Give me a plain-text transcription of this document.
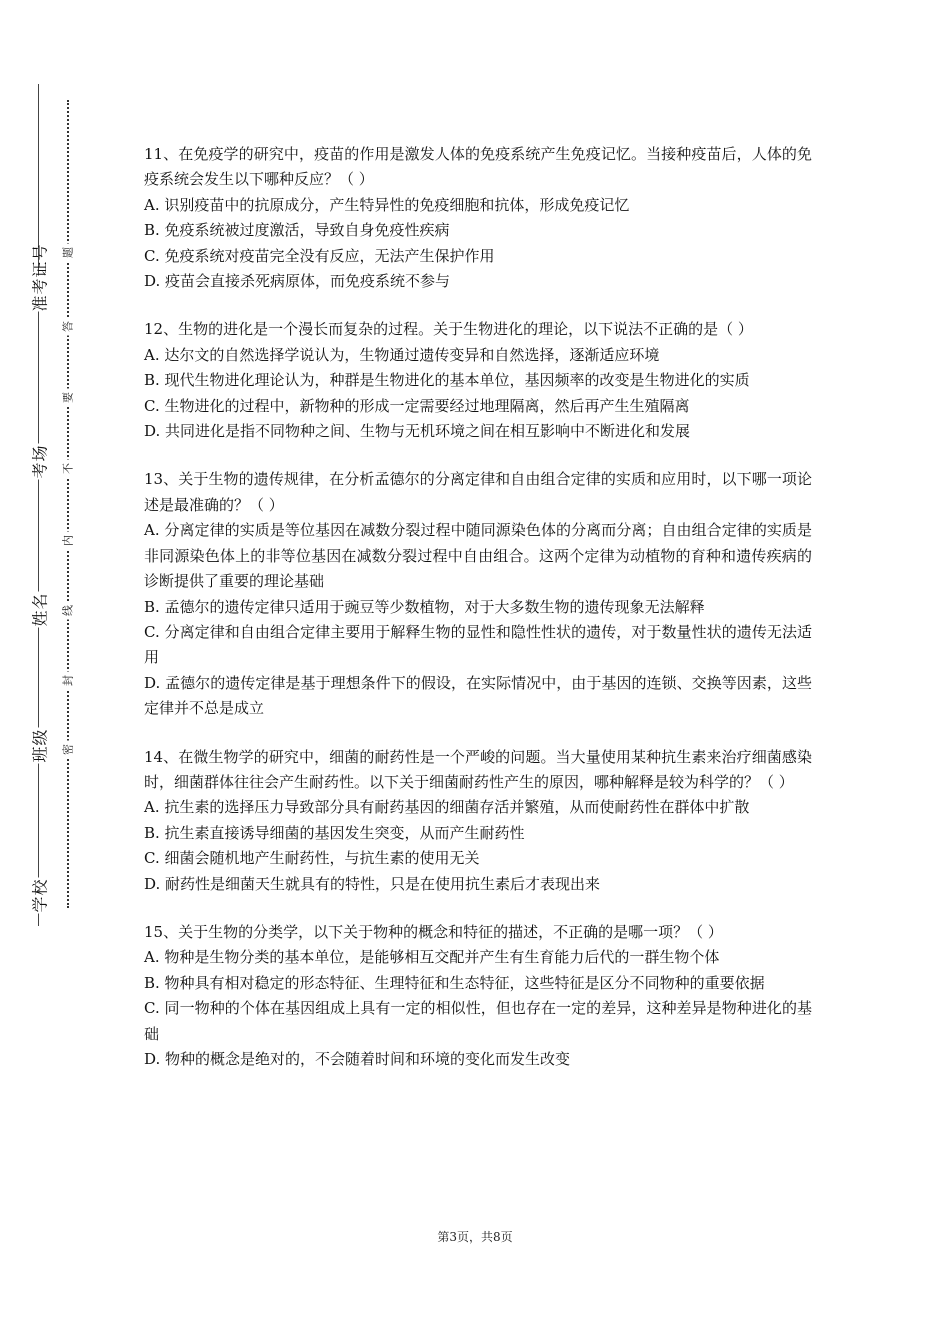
学校
班级
姓名
考场
准考证号
密
封
线
内
不
要
答
题

11、在免疫学的研究中，疫苗的作用是激发人体的免疫系统产生免疫记忆。当接种疫苗后，人体的免疫系统会发生以下哪种反应？（ ）

A. 识别疫苗中的抗原成分，产生特异性的免疫细胞和抗体，形成免疫记忆

B. 免疫系统被过度激活，导致自身免疫性疾病

C. 免疫系统对疫苗完全没有反应，无法产生保护作用

D. 疫苗会直接杀死病原体，而免疫系统不参与

12、生物的进化是一个漫长而复杂的过程。关于生物进化的理论，以下说法不正确的是（ ）

A. 达尔文的自然选择学说认为，生物通过遗传变异和自然选择，逐渐适应环境

B. 现代生物进化理论认为，种群是生物进化的基本单位，基因频率的改变是生物进化的实质

C. 生物进化的过程中，新物种的形成一定需要经过地理隔离，然后再产生生殖隔离

D. 共同进化是指不同物种之间、生物与无机环境之间在相互影响中不断进化和发展

13、关于生物的遗传规律，在分析孟德尔的分离定律和自由组合定律的实质和应用时，以下哪一项论述是最准确的？（ ）

A. 分离定律的实质是等位基因在减数分裂过程中随同源染色体的分离而分离；自由组合定律的实质是非同源染色体上的非等位基因在减数分裂过程中自由组合。这两个定律为动植物的育种和遗传疾病的诊断提供了重要的理论基础

B. 孟德尔的遗传定律只适用于豌豆等少数植物，对于大多数生物的遗传现象无法解释

C. 分离定律和自由组合定律主要用于解释生物的显性和隐性性状的遗传，对于数量性状的遗传无法适用

D. 孟德尔的遗传定律是基于理想条件下的假设，在实际情况中，由于基因的连锁、交换等因素，这些定律并不总是成立

14、在微生物学的研究中，细菌的耐药性是一个严峻的问题。当大量使用某种抗生素来治疗细菌感染时，细菌群体往往会产生耐药性。以下关于细菌耐药性产生的原因，哪种解释是较为科学的？（ ）

A. 抗生素的选择压力导致部分具有耐药基因的细菌存活并繁殖，从而使耐药性在群体中扩散

B. 抗生素直接诱导细菌的基因发生突变，从而产生耐药性

C. 细菌会随机地产生耐药性，与抗生素的使用无关

D. 耐药性是细菌天生就具有的特性，只是在使用抗生素后才表现出来

15、关于生物的分类学，以下关于物种的概念和特征的描述，不正确的是哪一项？（ ）

A. 物种是生物分类的基本单位，是能够相互交配并产生有生育能力后代的一群生物个体

B. 物种具有相对稳定的形态特征、生理特征和生态特征，这些特征是区分不同物种的重要依据

C. 同一物种的个体在基因组成上具有一定的相似性，但也存在一定的差异，这种差异是物种进化的基础

D. 物种的概念是绝对的，不会随着时间和环境的变化而发生改变

第3页，共8页
